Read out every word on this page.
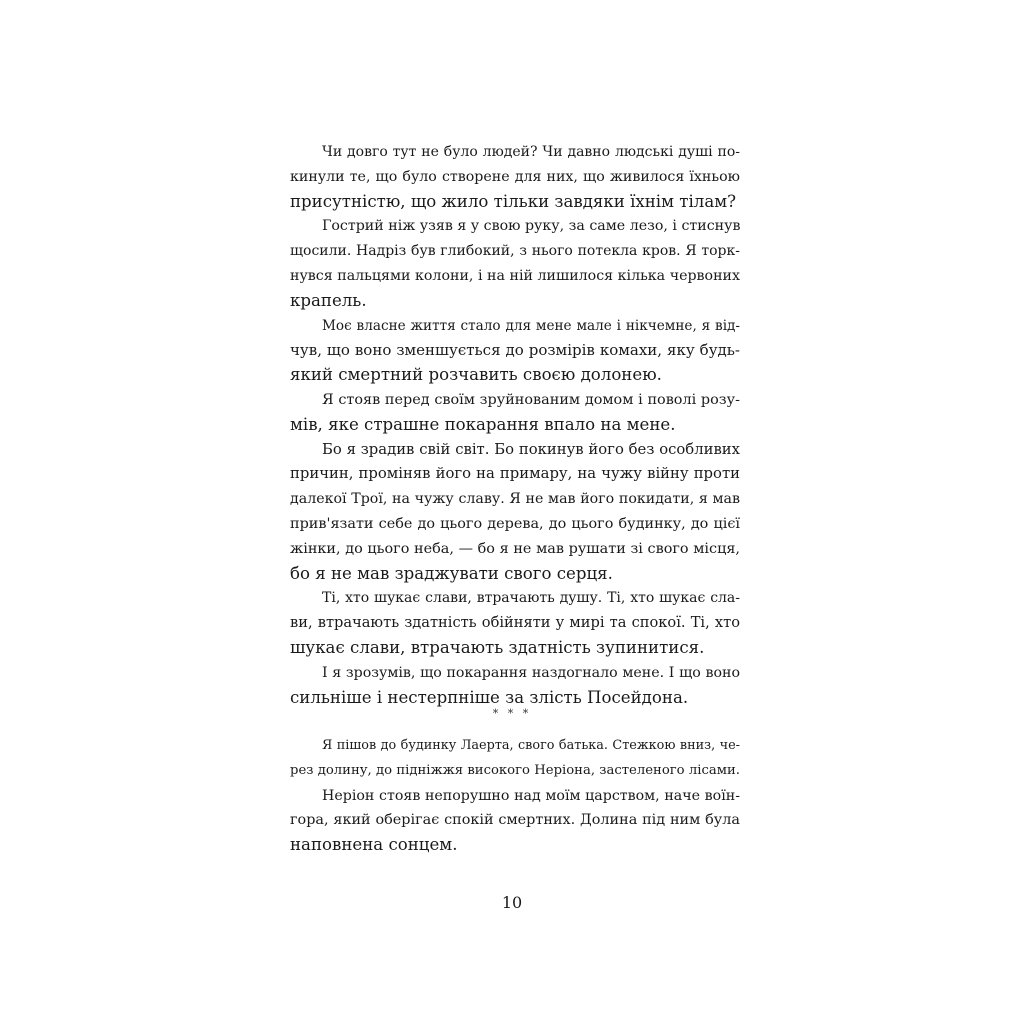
Чи довго тут не було людей? Чи давно людські душі по-
кинули те, що було створене для них, що живилося їхньою
присутністю, що жило тільки завдяки їхнім тілам?
Гострий ніж узяв я у свою руку, за саме лезо, і стиснув
щосили. Надріз був глибокий, з нього потекла кров. Я торк-
нувся пальцями колони, і на ній лишилося кілька червоних
крапель.
Моє власне життя стало для мене мале і нікчемне, я від-
чув, що воно зменшується до розмірів комахи, яку будь-
який смертний розчавить своєю долонею.
Я стояв перед своїм зруйнованим домом і поволі розу-
мів, яке страшне покарання впало на мене.
Бо я зрадив свій світ. Бо покинув його без особливих
причин, проміняв його на примару, на чужу війну проти
далекої Трої, на чужу славу. Я не мав його покидати, я мав
прив'язати себе до цього дерева, до цього будинку, до цієї
жінки, до цього неба, — бо я не мав рушати зі свого місця,
бо я не мав зраджувати свого серця.
Ті, хто шукає слави, втрачають душу. Ті, хто шукає сла-
ви, втрачають здатність обійняти у мирі та спокої. Ті, хто
шукає слави, втрачають здатність зупинитися.
І я зрозумів, що покарання наздогнало мене. І що воно
сильніше і нестерпніше за злість Посейдона.
* * *
Я пішов до будинку Лаерта, свого батька. Стежкою вниз, че-
рез долину, до підніжжя високого Неріона, застеленого лісами.
Неріон стояв непорушно над моїм царством, наче воїн-
гора, який оберігає спокій смертних. Долина під ним була
наповнена сонцем.
10
